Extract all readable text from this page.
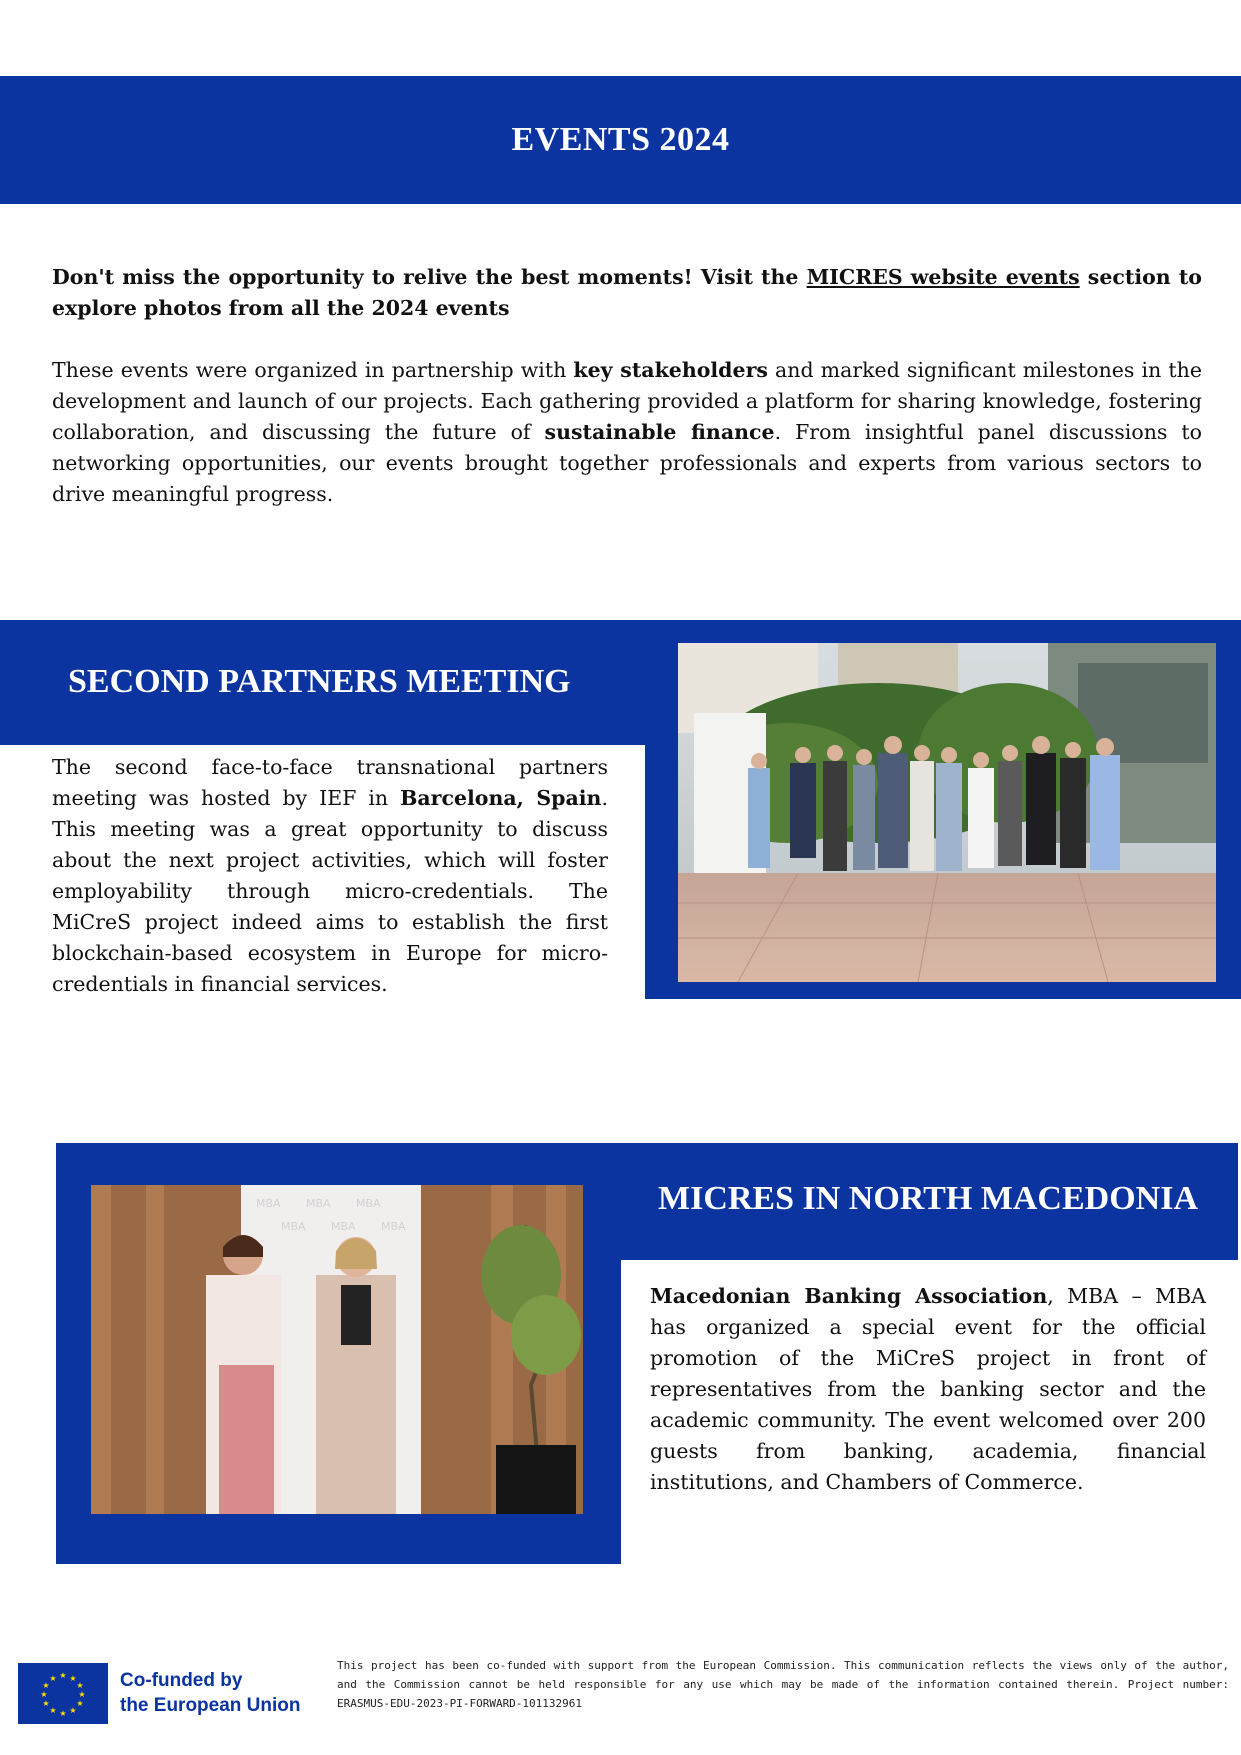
EVENTS 2024

Don't miss the opportunity to relive the best moments! Visit the MICRES website events section to explore photos from all the 2024 events

These events were organized in partnership with key stakeholders and marked significant milestones in the development and launch of our projects. Each gathering provided a platform for sharing knowledge, fostering collaboration, and discussing the future of sustainable finance. From insightful panel discussions to networking opportunities, our events brought together professionals and experts from various sectors to drive meaningful progress.

SECOND PARTNERS MEETING

The second face-to-face transnational partners meeting was hosted by IEF in Barcelona, Spain. This meeting was a great opportunity to discuss about the next project activities, which will foster employability through micro-credentials. The MiCreS project indeed aims to establish the first blockchain-based ecosystem in Europe for micro-credentials in financial services.

MICRES IN NORTH MACEDONIA
MBA MBA MBA
MBA MBA MBA

Macedonian Banking Association, MBA – MBA has organized a special event for the official promotion of the MiCreS project in front of representatives from the banking sector and the academic community. The event welcomed over 200 guests from banking, academia, financial institutions, and Chambers of Commerce.

★ ★
★
★
★
★
★
★
★
★
★
★	Co-funded by
the European Union

This project has been co-funded with support from the European Commission. This communication reflects the views only of the author, and the Commission cannot be held responsible for any use which may be made of the information contained therein. Project number: ERASMUS-EDU-2023-PI-FORWARD-101132961
